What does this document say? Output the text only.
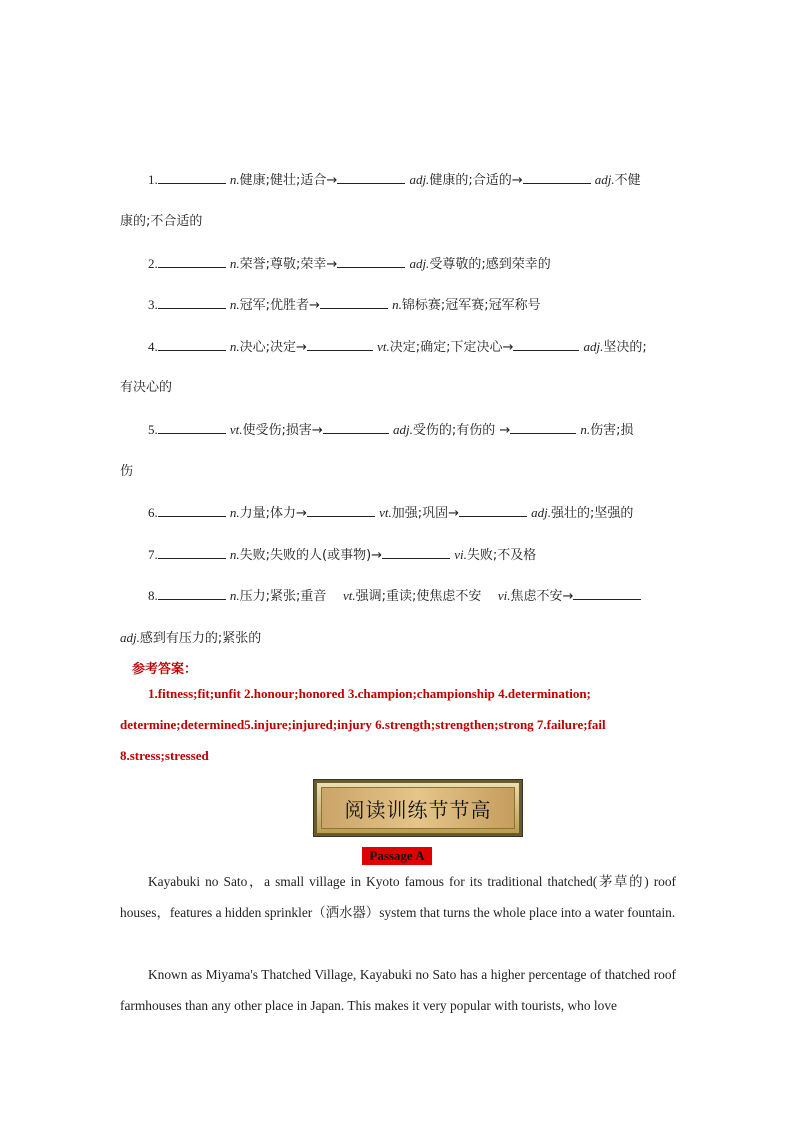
1.	n.健康;健壮;适合→	adj.健康的;合适的→	adj.不健
康的;不合适的
2.	n.荣誉;尊敬;荣幸→	adj.受尊敬的;感到荣幸的
3.	n.冠军;优胜者→	n.锦标赛;冠军赛;冠军称号
4.	n.决心;决定→	vt.决定;确定;下定决心→	adj.坚决的;
有决心的
5.	vt.使受伤;损害→	adj.受伤的;有伤的 →	n.伤害;损
伤
6.	n.力量;体力→	vt.加强;巩固→	adj.强壮的;坚强的
7.	n.失败;失败的人(或事物)→	vi.失败;不及格
8.	n.压力;紧张;重音 vt.强调;重读;使焦虑不安 vi.焦虑不安→
adj.感到有压力的;紧张的
参考答案：
1.fitness;fit;unfit 2.honour;honored 3.champion;championship 4.determination;
determine;determined5.injure;injured;injury 6.strength;strengthen;strong 7.failure;fail
8.stress;stressed
阅读训练节节高
Passage A
Kayabuki no Sato，a small village in Kyoto famous for its traditional thatched(茅草的) roof houses，features a hidden sprinkler（洒水器）system that turns the whole place into a water fountain.
Known as Miyama's Thatched Village, Kayabuki no Sato has a higher percentage of thatched roof farmhouses than any other place in Japan. This makes it very popular with tourists, who love
